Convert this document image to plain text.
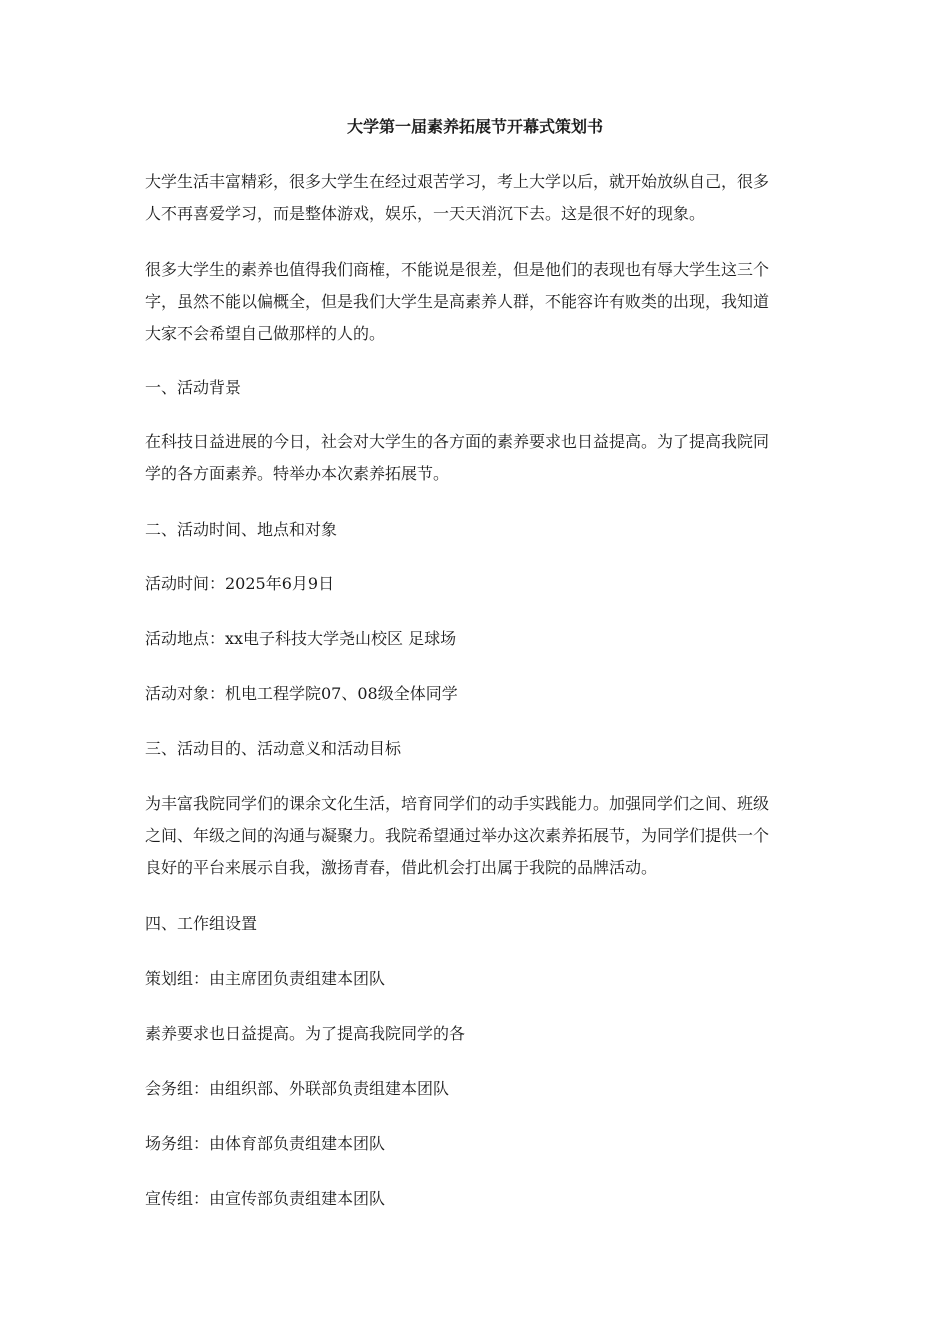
大学第一届素养拓展节开幕式策划书
大学生活丰富精彩，很多大学生在经过艰苦学习，考上大学以后，就开始放纵自己，很多
人不再喜爱学习，而是整体游戏，娱乐，一天天消沉下去。这是很不好的现象。
很多大学生的素养也值得我们商榷，不能说是很差，但是他们的表现也有辱大学生这三个
字，虽然不能以偏概全，但是我们大学生是高素养人群，不能容许有败类的出现，我知道
大家不会希望自己做那样的人的。
一、活动背景
在科技日益进展的今日，社会对大学生的各方面的素养要求也日益提高。为了提高我院同
学的各方面素养。特举办本次素养拓展节。
二、活动时间、地点和对象
活动时间：2025年6月9日
活动地点：xx电子科技大学尧山校区 足球场
活动对象：机电工程学院07、08级全体同学
三、活动目的、活动意义和活动目标
为丰富我院同学们的课余文化生活，培育同学们的动手实践能力。加强同学们之间、班级
之间、年级之间的沟通与凝聚力。我院希望通过举办这次素养拓展节，为同学们提供一个
良好的平台来展示自我，激扬青春，借此机会打出属于我院的品牌活动。
四、工作组设置
策划组：由主席团负责组建本团队
素养要求也日益提高。为了提高我院同学的各
会务组：由组织部、外联部负责组建本团队
场务组：由体育部负责组建本团队
宣传组：由宣传部负责组建本团队
